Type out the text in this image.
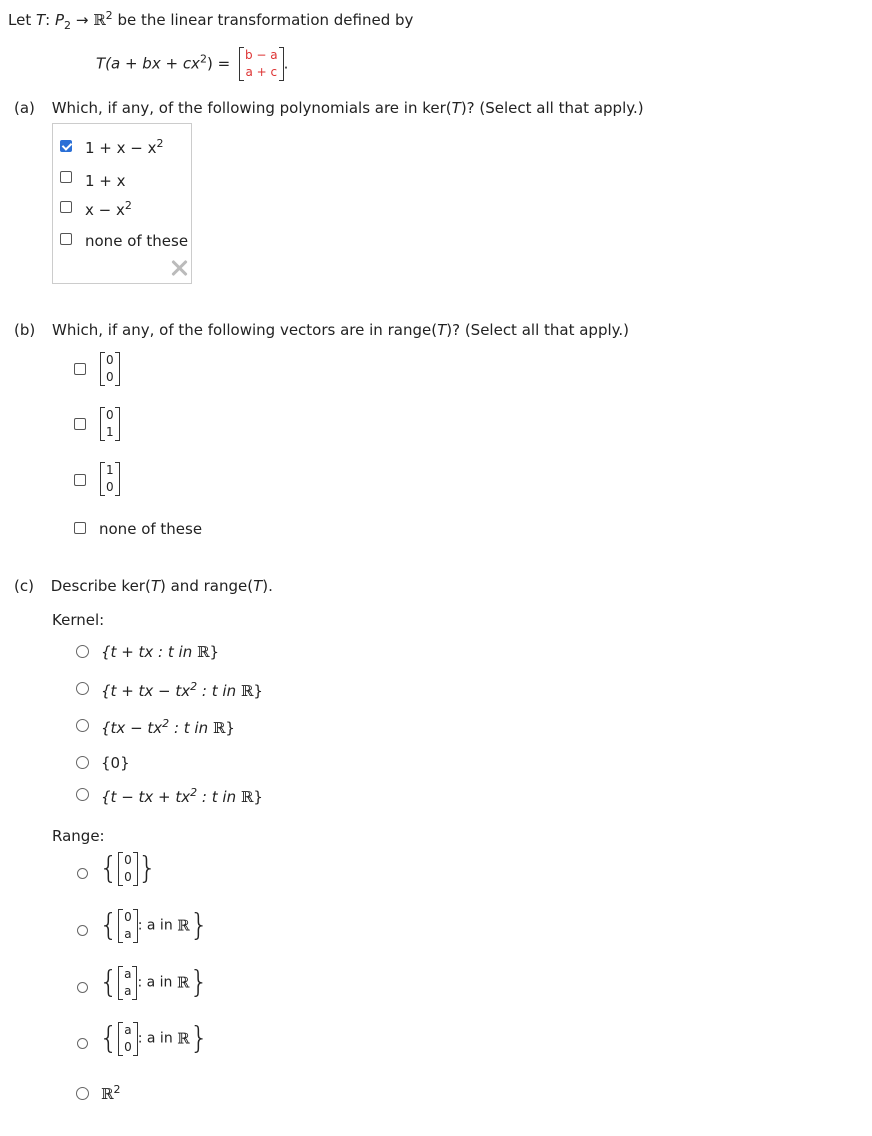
Let T: $P_2$ → ℝ$^2$ be the linear transformation defined by
T(a + bx + $cx^2) = b - a$
a + c .
(a) Which, if any, of the following polynomials are in ker(T)? (Select all that apply.)
$1 + x - x^2$
1 + x
$x - x^2$
none of these
(b) Which, if any, of the following vectors are in range(T)? (Select all that apply.)
0
0
0
1
1
0
none of these
(c) Describe ker(T) and range(T).
Kernel:
{t + tx : t in ℝ}
{t + tx − $tx^2$ : t in ℝ}
{$tx - tx^2$ : t in ℝ}
{0}
{t − tx + $tx^2$ : t in ℝ}
Range:
{ 0
0 }
{ 0
a : a in ℝ}
{ a
a : a in ℝ}
{ a
0 : a in ℝ}
ℝ$^2$
